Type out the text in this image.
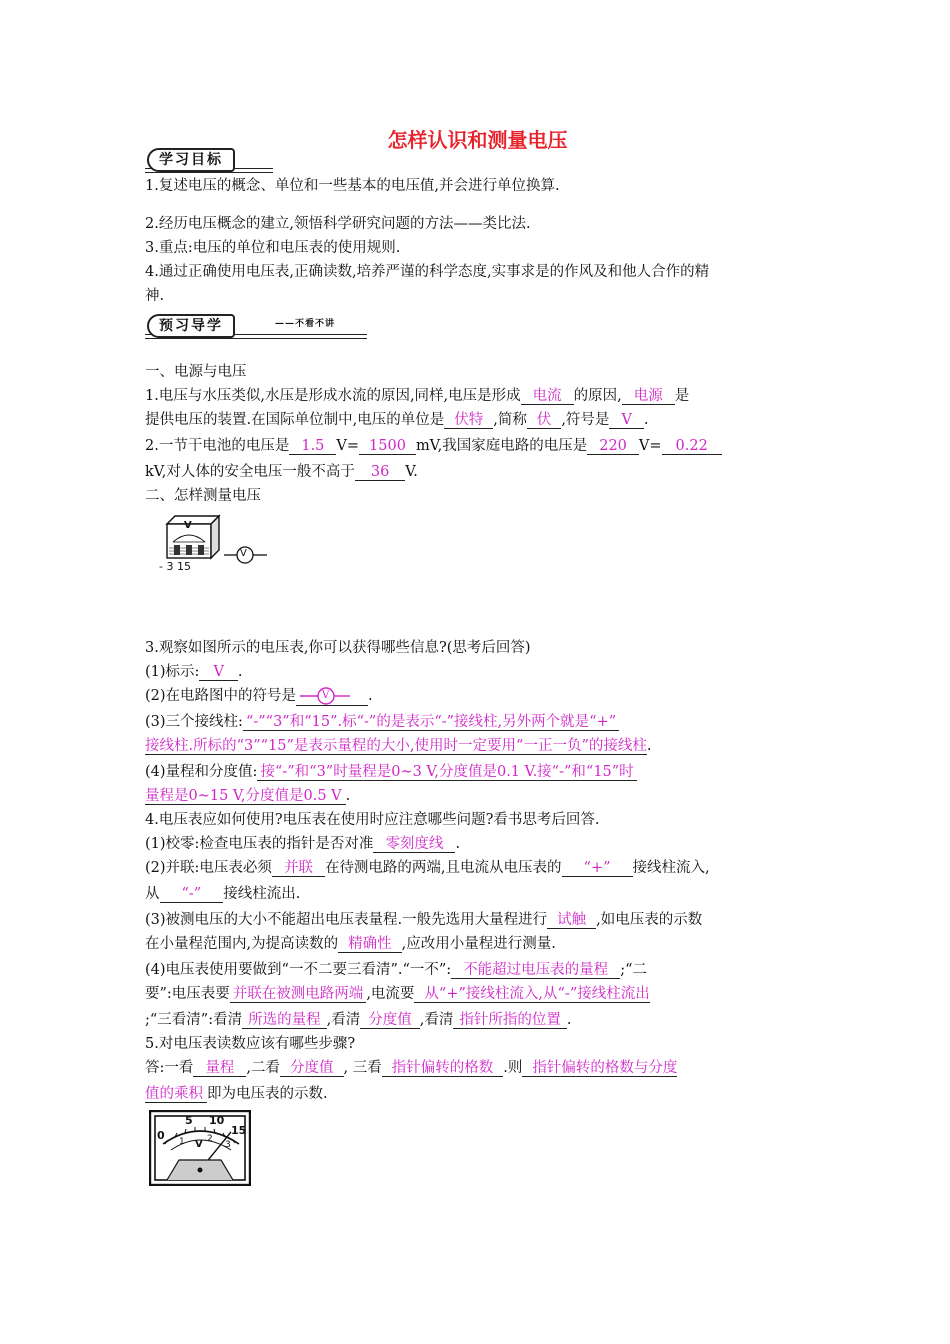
怎样认识和测量电压
学习目标
1.复述电压的概念、单位和一些基本的电压值,并会进行单位换算.
2.经历电压概念的建立,领悟科学研究问题的方法——类比法.
3.重点:电压的单位和电压表的使用规则.
4.通过正确使用电压表,正确读数,培养严谨的科学态度,实事求是的作风及和他人合作的精
神.
预习导学	——不看不讲
一、电源与电压
1.电压与水压类似,水压是形成水流的原因,同样,电压是形成 电流 的原因, 电源 是
提供电压的装置.在国际单位制中,电压的单位是 伏特 ,简称 伏 ,符号是 V .
2.一节干电池的电压是 1.5 V= 1500 mV,我国家庭电路的电压是 220 V= 0.22
kV,对人体的安全电压一般不高于 36 V.
二、怎样测量电压
V
V
- 3 15
3.观察如图所示的电压表,你可以获得哪些信息?(思考后回答)
(1)标示: V .
(2)在电路图中的符号是	V	.
(3)三个接线柱: “-”“3”和“15”.标“-”的是表示“-”接线柱,另外两个就是“+”
接线柱.所标的“3”“15”是表示量程的大小,使用时一定要用“一正一负”的接线柱.
(4)量程和分度值: 接“-”和“3”时量程是0~3 V,分度值是0.1 V.接“-”和“15”时
量程是0~15 V,分度值是0.5 V .
4.电压表应如何使用?电压表在使用时应注意哪些问题?看书思考后回答.
(1)校零:检查电压表的指针是否对准 零刻度线 .
(2)并联:电压表必须 并联 在待测电路的两端,且电流从电压表的 “+” 接线柱流入,
从 “-” 接线柱流出.
(3)被测电压的大小不能超出电压表量程.一般先选用大量程进行 试触 ,如电压表的示数
在小量程范围内,为提高读数的 精确性 ,应改用小量程进行测量.
(4)电压表使用要做到“一不二要三看清”.“一不”: 不能超过电压表的量程 ;“二
要”:电压表要 并联在被测电路两端 ,电流要 从“+”接线柱流入,从“-”接线柱流出
;“三看清”:看清 所选的量程 ,看清 分度值 ,看清 指针所指的位置 .
5.对电压表读数应该有哪些步骤?
答:一看 量程 ,二看 分度值 , 三看 指针偏转的格数 .则 指针偏转的格数与分度
值的乘积 即为电压表的示数.
0
5 10
15
1 2
3
V
